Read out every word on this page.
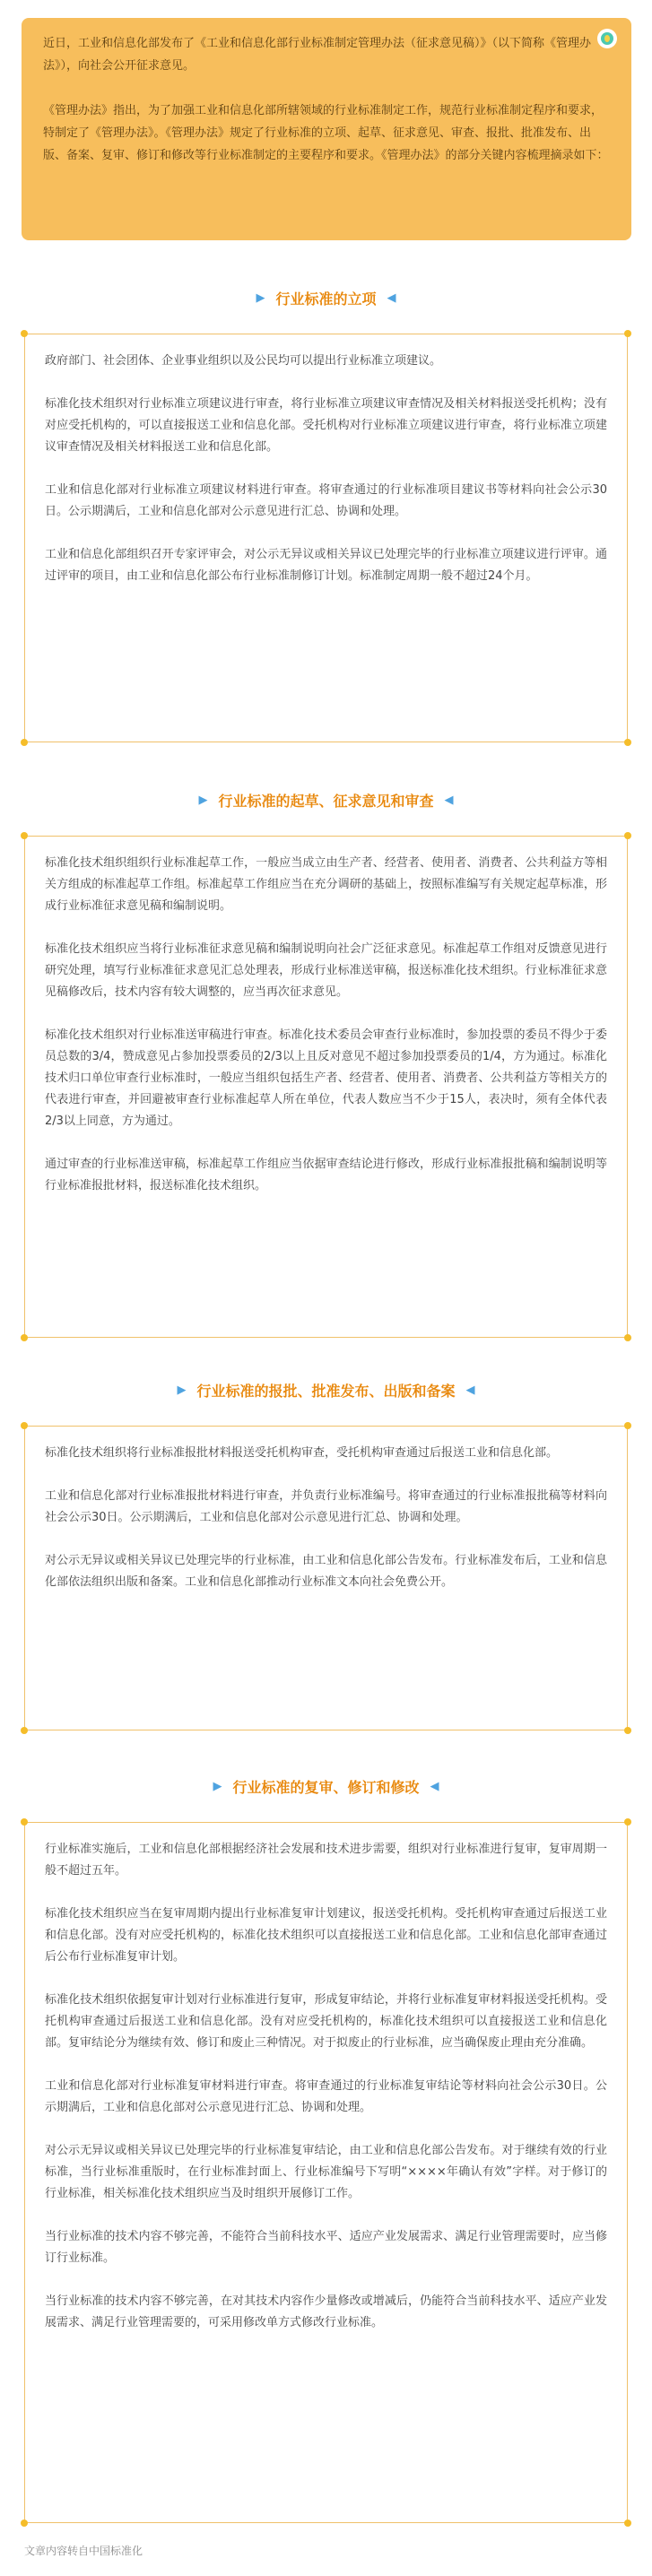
近日，工业和信息化部发布了《工业和信息化部行业标准制定管理办法（征求意见稿）》（以下简称《管理办法》），向社会公开征求意见。

《管理办法》指出，为了加强工业和信息化部所辖领域的行业标准制定工作，规范行业标准制定程序和要求，特制定了《管理办法》。《管理办法》规定了行业标准的立项、起草、征求意见、审查、报批、批准发布、出版、备案、复审、修订和修改等行业标准制定的主要程序和要求。《管理办法》的部分关键内容梳理摘录如下：

▶ 行业标准的立项 ◀

政府部门、社会团体、企业事业组织以及公民均可以提出行业标准立项建议。

标准化技术组织对行业标准立项建议进行审查，将行业标准立项建议审查情况及相关材料报送受托机构；没有对应受托机构的，可以直接报送工业和信息化部。受托机构对行业标准立项建议进行审查，将行业标准立项建议审查情况及相关材料报送工业和信息化部。

工业和信息化部对行业标准立项建议材料进行审查。将审查通过的行业标准项目建议书等材料向社会公示30日。公示期满后，工业和信息化部对公示意见进行汇总、协调和处理。

工业和信息化部组织召开专家评审会，对公示无异议或相关异议已处理完毕的行业标准立项建议进行评审。通过评审的项目，由工业和信息化部公布行业标准制修订计划。标准制定周期一般不超过24个月。

▶ 行业标准的起草、征求意见和审查 ◀

标准化技术组织组织行业标准起草工作，一般应当成立由生产者、经营者、使用者、消费者、公共利益方等相关方组成的标准起草工作组。标准起草工作组应当在充分调研的基础上，按照标准编写有关规定起草标准，形成行业标准征求意见稿和编制说明。

标准化技术组织应当将行业标准征求意见稿和编制说明向社会广泛征求意见。标准起草工作组对反馈意见进行研究处理，填写行业标准征求意见汇总处理表，形成行业标准送审稿，报送标准化技术组织。行业标准征求意见稿修改后，技术内容有较大调整的，应当再次征求意见。

标准化技术组织对行业标准送审稿进行审查。标准化技术委员会审查行业标准时，参加投票的委员不得少于委员总数的3/4，赞成意见占参加投票委员的2/3以上且反对意见不超过参加投票委员的1/4，方为通过。标准化技术归口单位审查行业标准时，一般应当组织包括生产者、经营者、使用者、消费者、公共利益方等相关方的代表进行审查，并回避被审查行业标准起草人所在单位，代表人数应当不少于15人，表决时，须有全体代表2/3以上同意，方为通过。

通过审查的行业标准送审稿，标准起草工作组应当依据审查结论进行修改，形成行业标准报批稿和编制说明等行业标准报批材料，报送标准化技术组织。

▶ 行业标准的报批、批准发布、出版和备案 ◀

标准化技术组织将行业标准报批材料报送受托机构审查，受托机构审查通过后报送工业和信息化部。

工业和信息化部对行业标准报批材料进行审查，并负责行业标准编号。将审查通过的行业标准报批稿等材料向社会公示30日。公示期满后，工业和信息化部对公示意见进行汇总、协调和处理。

对公示无异议或相关异议已处理完毕的行业标准，由工业和信息化部公告发布。行业标准发布后，工业和信息化部依法组织出版和备案。工业和信息化部推动行业标准文本向社会免费公开。

▶ 行业标准的复审、修订和修改 ◀

行业标准实施后，工业和信息化部根据经济社会发展和技术进步需要，组织对行业标准进行复审，复审周期一般不超过五年。

标准化技术组织应当在复审周期内提出行业标准复审计划建议，报送受托机构。受托机构审查通过后报送工业和信息化部。没有对应受托机构的，标准化技术组织可以直接报送工业和信息化部。工业和信息化部审查通过后公布行业标准复审计划。

标准化技术组织依据复审计划对行业标准进行复审，形成复审结论，并将行业标准复审材料报送受托机构。受托机构审查通过后报送工业和信息化部。没有对应受托机构的，标准化技术组织可以直接报送工业和信息化部。复审结论分为继续有效、修订和废止三种情况。对于拟废止的行业标准，应当确保废止理由充分准确。

工业和信息化部对行业标准复审材料进行审查。将审查通过的行业标准复审结论等材料向社会公示30日。公示期满后，工业和信息化部对公示意见进行汇总、协调和处理。

对公示无异议或相关异议已处理完毕的行业标准复审结论，由工业和信息化部公告发布。对于继续有效的行业标准，当行业标准重版时，在行业标准封面上、行业标准编号下写明“××××年确认有效”字样。对于修订的行业标准，相关标准化技术组织应当及时组织开展修订工作。

当行业标准的技术内容不够完善，不能符合当前科技水平、适应产业发展需求、满足行业管理需要时，应当修订行业标准。

当行业标准的技术内容不够完善，在对其技术内容作少量修改或增减后，仍能符合当前科技水平、适应产业发展需求、满足行业管理需要的，可采用修改单方式修改行业标准。

文章内容转自中国标准化
